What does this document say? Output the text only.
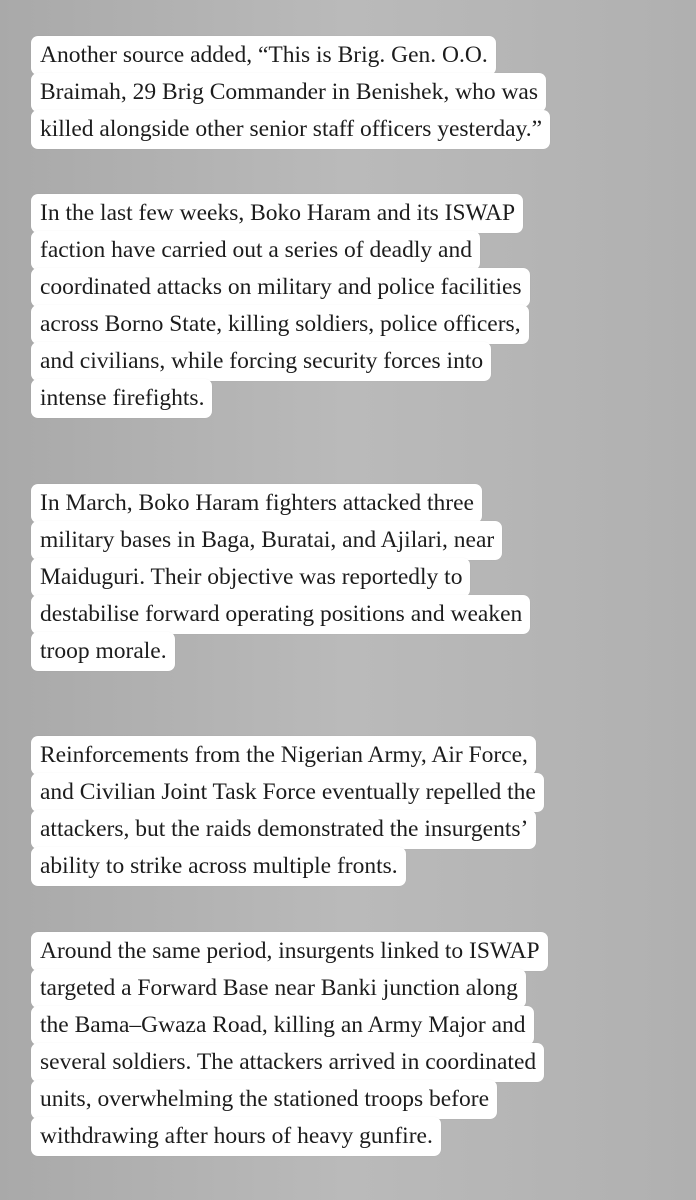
Another source added, “This is Brig. Gen. O.O.
Braimah, 29 Brig Commander in Benishek, who was
killed alongside other senior staff officers yesterday.”
In the last few weeks, Boko Haram and its ISWAP
faction have carried out a series of deadly and
coordinated attacks on military and police facilities
across Borno State, killing soldiers, police officers,
and civilians, while forcing security forces into
intense firefights.
In March, Boko Haram fighters attacked three
military bases in Baga, Buratai, and Ajilari, near
Maiduguri. Their objective was reportedly to
destabilise forward operating positions and weaken
troop morale.
Reinforcements from the Nigerian Army, Air Force,
and Civilian Joint Task Force eventually repelled the
attackers, but the raids demonstrated the insurgents’
ability to strike across multiple fronts.
Around the same period, insurgents linked to ISWAP
targeted a Forward Base near Banki junction along
the Bama–Gwaza Road, killing an Army Major and
several soldiers. The attackers arrived in coordinated
units, overwhelming the stationed troops before
withdrawing after hours of heavy gunfire.
